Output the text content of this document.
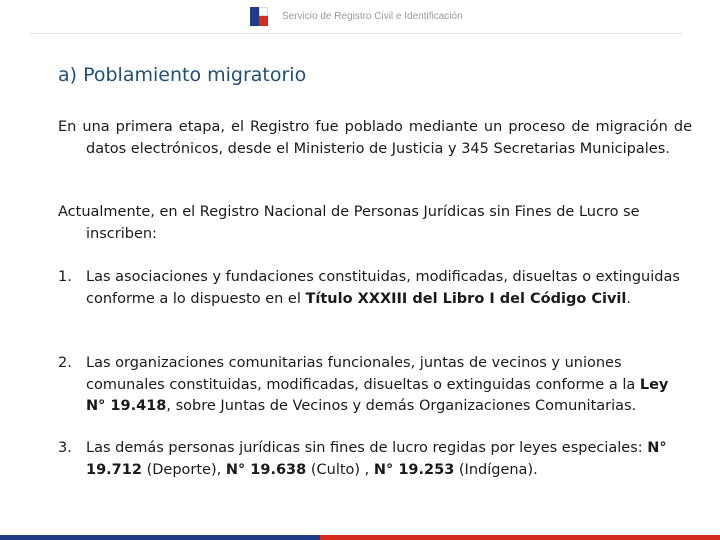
Servicio de Registro Civil e Identificación
a) Poblamiento migratorio
En una primera etapa, el Registro fue poblado mediante un proceso de migración de datos electrónicos, desde el Ministerio de Justicia y 345 Secretarias Municipales.
Actualmente, en el Registro Nacional de Personas Jurídicas sin Fines de Lucro se inscriben:
1. Las asociaciones y fundaciones constituidas, modificadas, disueltas o extinguidas conforme a lo dispuesto en el Título XXXIII del Libro I del Código Civil.
2. Las organizaciones comunitarias funcionales, juntas de vecinos y uniones comunales constituidas, modificadas, disueltas o extinguidas conforme a la Ley N° 19.418, sobre Juntas de Vecinos y demás Organizaciones Comunitarias.
3. Las demás personas jurídicas sin fines de lucro regidas por leyes especiales: N° 19.712 (Deporte), N° 19.638 (Culto) , N° 19.253 (Indígena).
